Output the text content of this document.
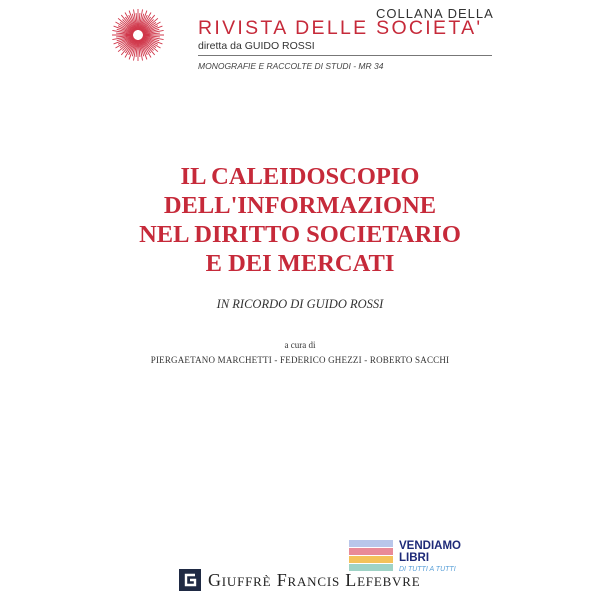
COLLANA DELLA
RIVISTA DELLE SOCIETA'
diretta da GUIDO ROSSI
MONOGRAFIE E RACCOLTE DI STUDI - MR 34
IL CALEIDOSCOPIO
DELL'INFORMAZIONE
NEL DIRITTO SOCIETARIO
E DEI MERCATI
IN RICORDO DI GUIDO ROSSI
a cura di
PIERGAETANO MARCHETTI - FEDERICO GHEZZI - ROBERTO SACCHI
VENDIAMO
LIBRI
DI TUTTI A TUTTI
Giuffrè Francis Lefebvre
